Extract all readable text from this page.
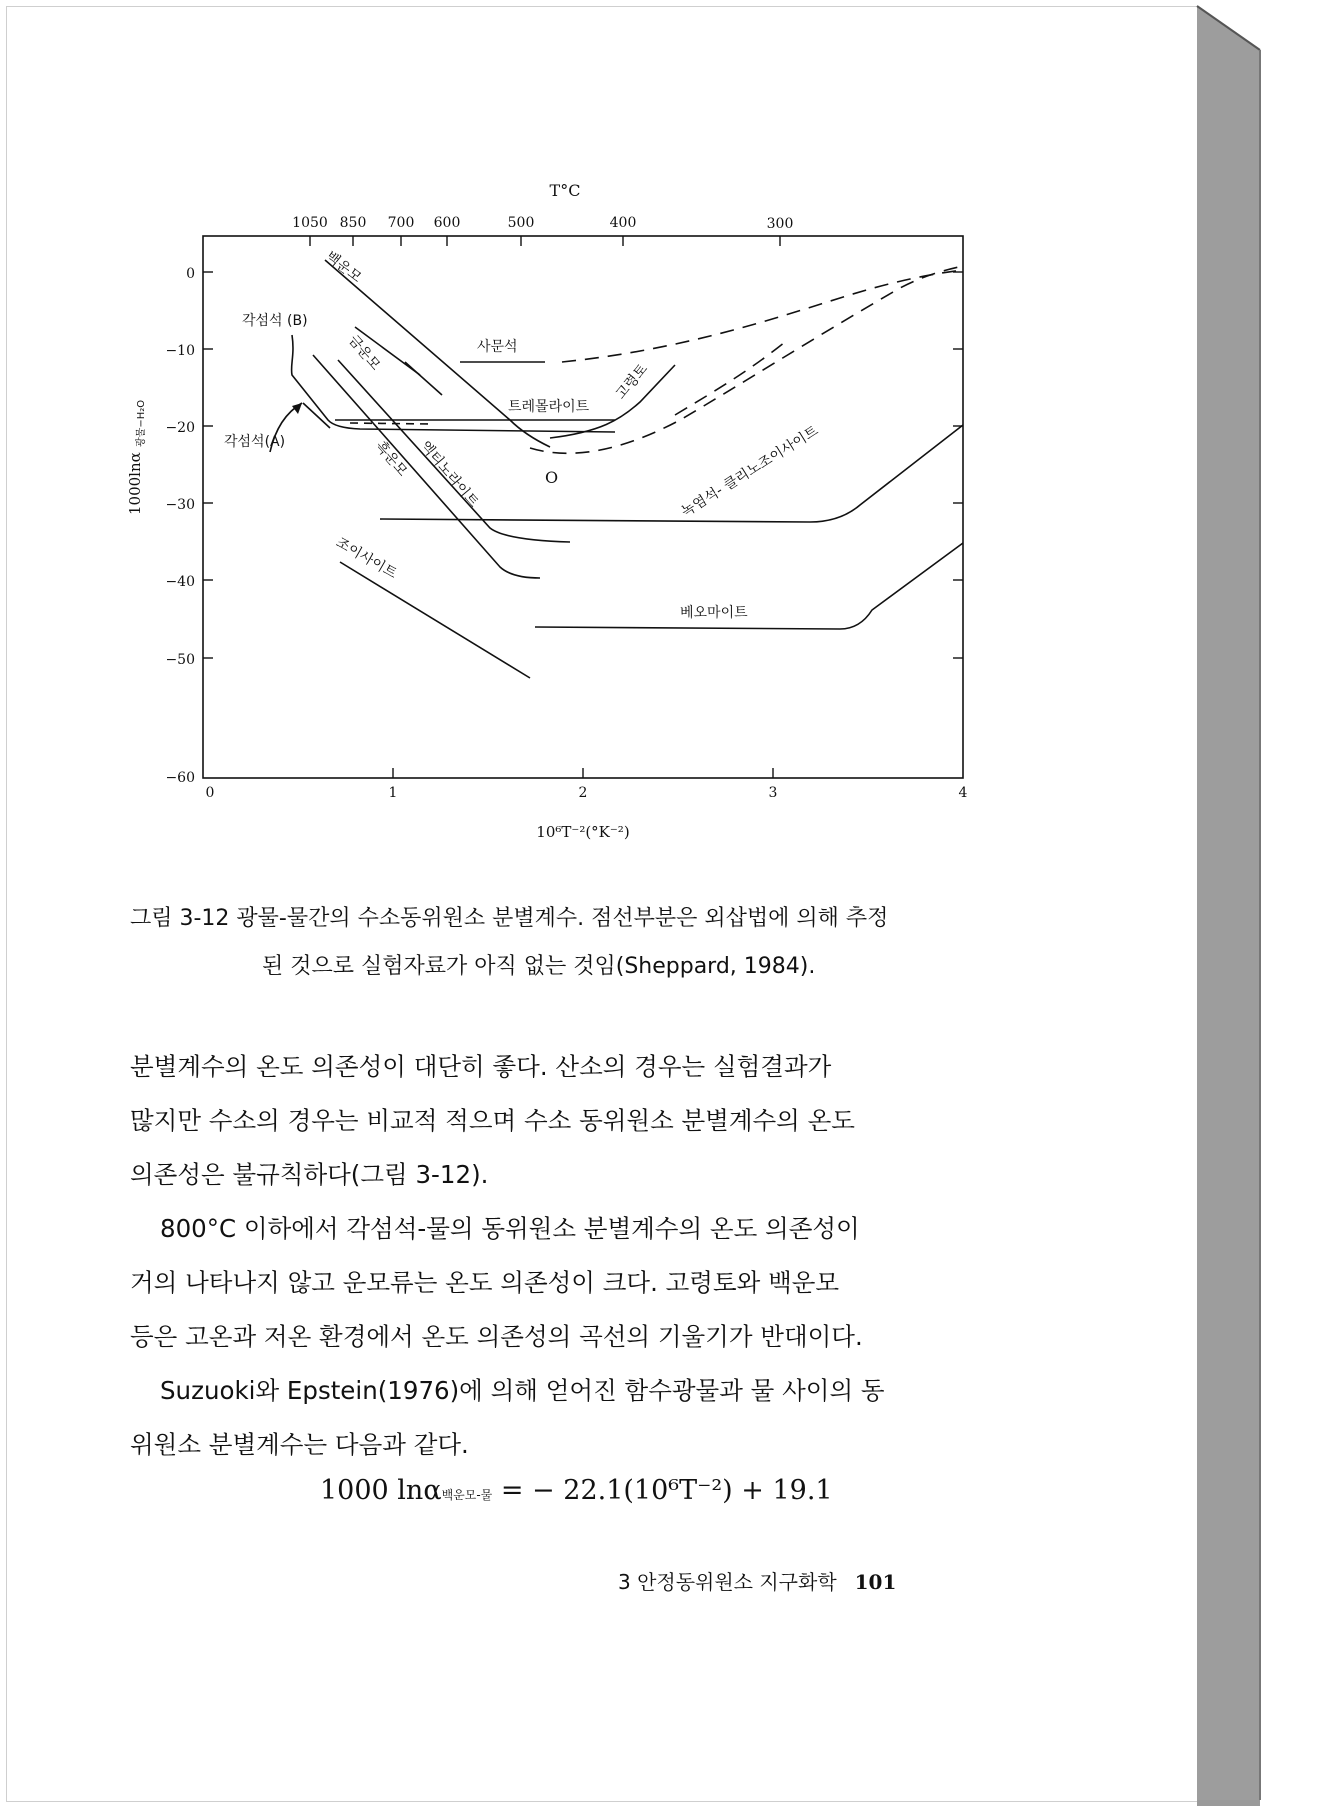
T°C
1050 850 700 600	500	400	300
0
−10
−20
−30
−40
−50
−60
0	1	2	3	4
10⁶T⁻²(°K⁻²)
1000lnα
광물−H₂O
백운모
각섬석 (B)
금운모	사문석
고령토
트레몰라이트
각섬석(A)	흑운모 엑티노라이트	O	녹염석- 클리노조이사이트
조이사이트
베오마이트
그림 3-12 광물-물간의 수소동위원소 분별계수. 점선부분은 외삽법에 의해 추정
된 것으로 실험자료가 아직 없는 것임(Sheppard, 1984).

분별계수의 온도 의존성이 대단히 좋다. 산소의 경우는 실험결과가

많지만 수소의 경우는 비교적 적으며 수소 동위원소 분별계수의 온도

의존성은 불규칙하다(그림 3-12).

800°C 이하에서 각섬석-물의 동위원소 분별계수의 온도 의존성이

거의 나타나지 않고 운모류는 온도 의존성이 크다. 고령토와 백운모

등은 고온과 저온 환경에서 온도 의존성의 곡선의 기울기가 반대이다.

Suzuoki와 Epstein(1976)에 의해 얻어진 함수광물과 물 사이의 동

위원소 분별계수는 다음과 같다.

1000 lnα백운모-물 = − 22.1(10⁶T⁻²) + 19.1
3 안정동위원소 지구화학 101
